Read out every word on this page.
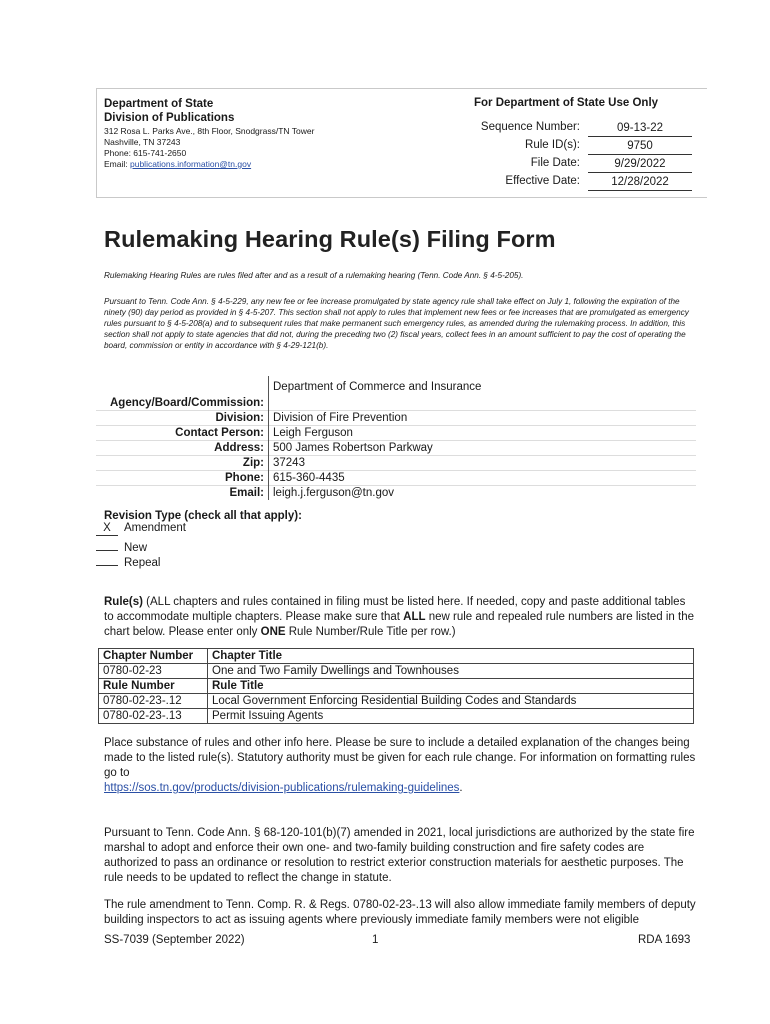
Department of State
Division of Publications
312 Rosa L. Parks Ave., 8th Floor, Snodgrass/TN Tower
Nashville, TN 37243
Phone: 615-741-2650
Email: publications.information@tn.gov
For Department of State Use Only
Sequence Number:	09-13-22
Rule ID(s):	9750
File Date:	9/29/2022
Effective Date:	12/28/2022
Rulemaking Hearing Rule(s) Filing Form
Rulemaking Hearing Rules are rules filed after and as a result of a rulemaking hearing (Tenn. Code Ann. § 4-5-205).
Pursuant to Tenn. Code Ann. § 4-5-229, any new fee or fee increase promulgated by state agency rule shall take effect on July 1, following the expiration of the ninety (90) day period as provided in § 4-5-207. This section shall not apply to rules that implement new fees or fee increases that are promulgated as emergency rules pursuant to § 4-5-208(a) and to subsequent rules that make permanent such emergency rules, as amended during the rulemaking process. In addition, this section shall not apply to state agencies that did not, during the preceding two (2) fiscal years, collect fees in an amount sufficient to pay the cost of operating the board, commission or entity in accordance with § 4-29-121(b).
Agency/Board/Commission:	Department of Commerce and Insurance
Division:	Division of Fire Prevention
Contact Person:	Leigh Ferguson
Address:	500 James Robertson Parkway
Zip:	37243
Phone:	615-360-4435
Email:	leigh.j.ferguson@tn.gov
Revision Type (check all that apply):
X Amendment
New
Repeal
Rule(s) (ALL chapters and rules contained in filing must be listed here. If needed, copy and paste additional tables to accommodate multiple chapters. Please make sure that ALL new rule and repealed rule numbers are listed in the chart below. Please enter only ONE Rule Number/Rule Title per row.)
Chapter Number	Chapter Title
0780-02-23	One and Two Family Dwellings and Townhouses
Rule Number	Rule Title
0780-02-23-.12	Local Government Enforcing Residential Building Codes and Standards
0780-02-23-.13	Permit Issuing Agents
Place substance of rules and other info here. Please be sure to include a detailed explanation of the changes being made to the listed rule(s). Statutory authority must be given for each rule change. For information on formatting rules go to
https://sos.tn.gov/products/division-publications/rulemaking-guidelines.
Pursuant to Tenn. Code Ann. § 68-120-101(b)(7) amended in 2021, local jurisdictions are authorized by the state fire marshal to adopt and enforce their own one- and two-family building construction and fire safety codes are authorized to pass an ordinance or resolution to restrict exterior construction materials for aesthetic purposes. The rule needs to be updated to reflect the change in statute.
The rule amendment to Tenn. Comp. R. & Regs. 0780-02-23-.13 will also allow immediate family members of deputy building inspectors to act as issuing agents where previously immediate family members were not eligible
SS-7039 (September 2022)	1	RDA 1693
